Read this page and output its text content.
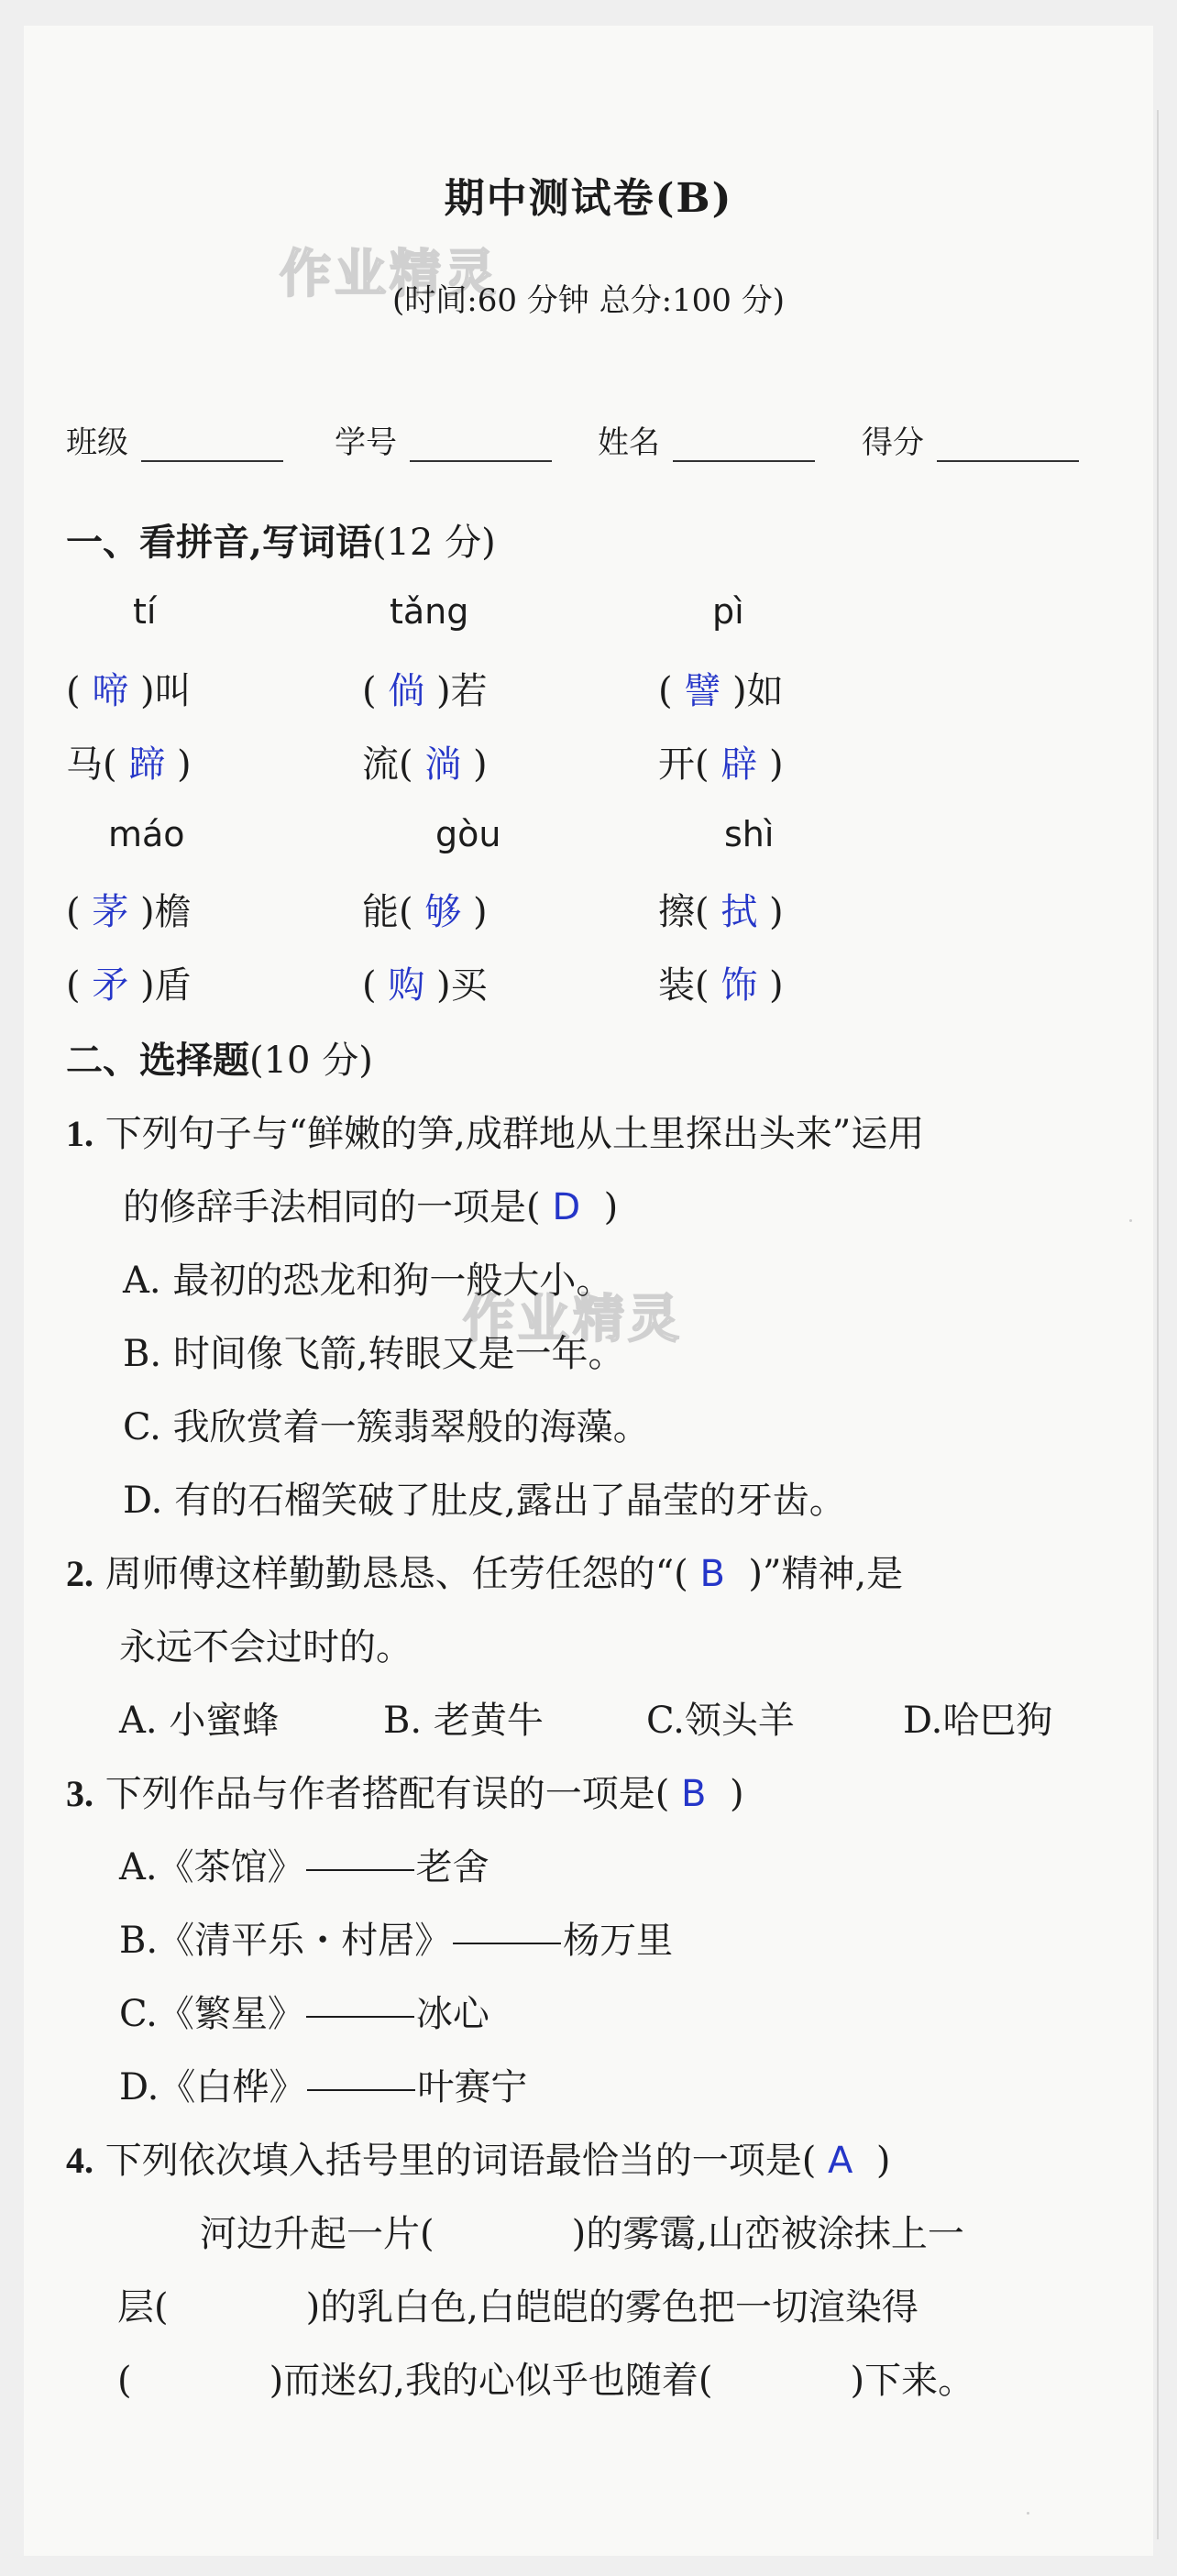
作业精灵
作业精灵
期中测试卷(B)
(时间:60 分钟 总分:100 分)
班级	学号	姓名	得分
一、看拼音,写词语(12 分)
tí	tǎng	pì
( 啼 )叫	( 倘 )若	( 譬 )如
马( 蹄 )	流( 淌 )	开( 辟 )
máo	gòu	shì
( 茅 )檐	能( 够 )	擦( 拭 )
( 矛 )盾	( 购 )买	装( 饰 )
二、选择题(10 分)
1. 下列句子与“鲜嫩的笋,成群地从土里探出头来”运用
的修辞手法相同的一项是( D )
A. 最初的恐龙和狗一般大小。
B. 时间像飞箭,转眼又是一年。
C. 我欣赏着一簇翡翠般的海藻。
D. 有的石榴笑破了肚皮,露出了晶莹的牙齿。
2. 周师傅这样勤勤恳恳、任劳任怨的“( B )”精神,是
永远不会过时的。
A. 小蜜蜂	B. 老黄牛	C.领头羊	D.哈巴狗
3. 下列作品与作者搭配有误的一项是( B )
A.《茶馆》	老舍
B.《清平乐・村居》	杨万里
C.《繁星》	冰心
D.《白桦》	叶赛宁
4. 下列依次填入括号里的词语最恰当的一项是( A )
河边升起一片(	)的雾霭,山峦被涂抹上一
层(	)的乳白色,白皑皑的雾色把一切渲染得
(	)而迷幻,我的心似乎也随着(	)下来。
